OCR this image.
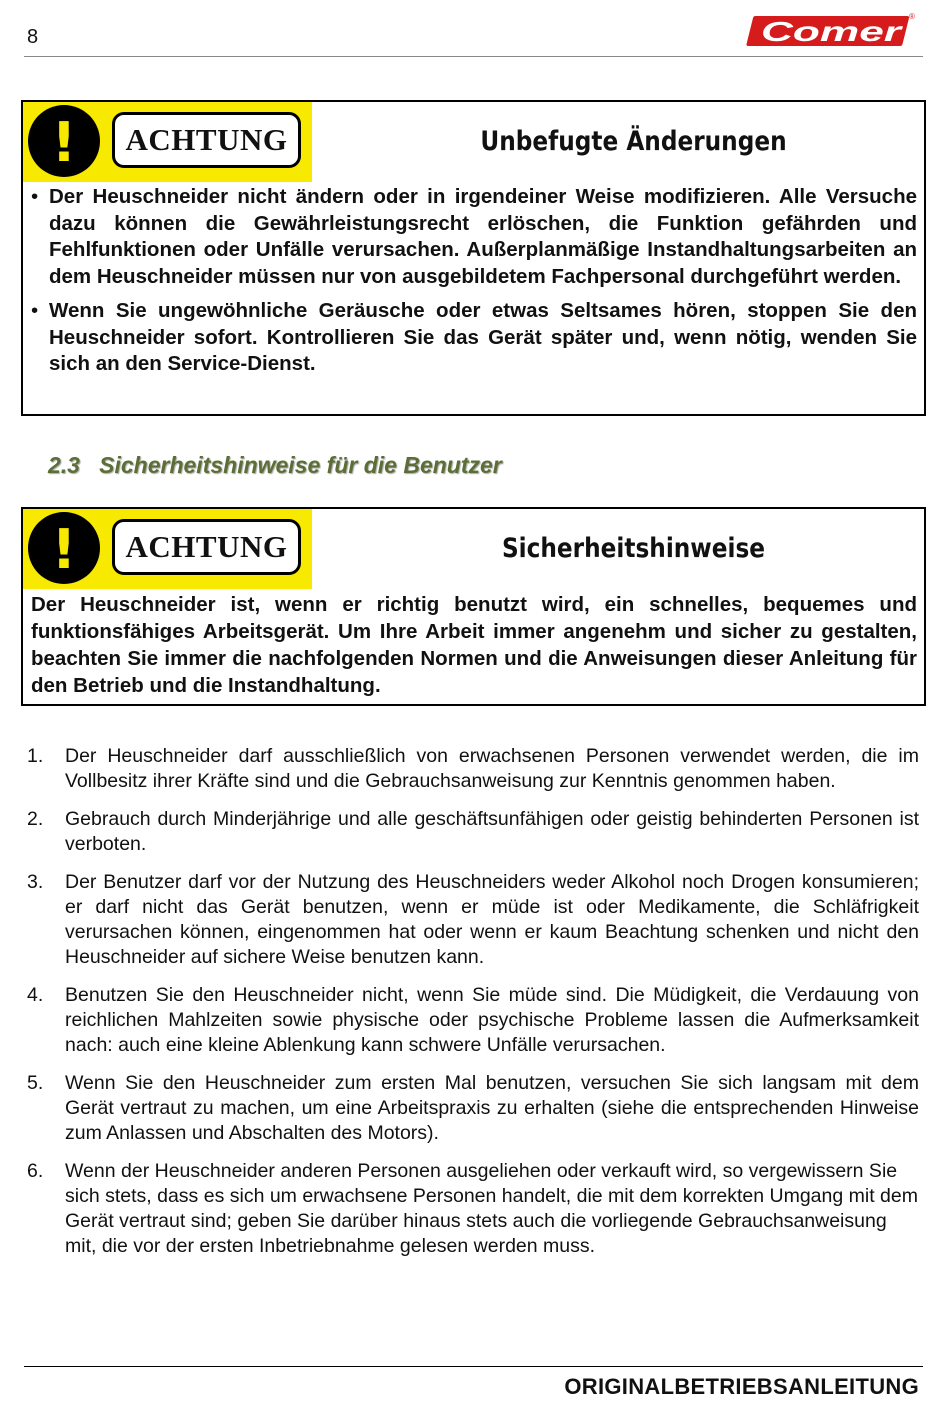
8	Comer ®
!	ACHTUNG	Unbefugte Änderungen
• Der Heuschneider nicht ändern oder in irgendeiner Weise modifizieren. Alle Versuche dazu können die Gewährleistungsrecht erlöschen, die Funktion gefährden und Fehlfunktionen oder Unfälle verursachen. Außerplanmäßige Instandhaltungsarbeiten an dem Heuschneider müssen nur von ausgebildetem Fachpersonal durchgeführt werden.
• Wenn Sie ungewöhnliche Geräusche oder etwas Seltsames hören, stoppen Sie den Heuschneider sofort. Kontrollieren Sie das Gerät später und, wenn nötig, wenden Sie sich an den Service-Dienst.
2.3   Sicherheitshinweise für die Benutzer
!	ACHTUNG	Sicherheitshinweise
Der Heuschneider ist, wenn er richtig benutzt wird, ein schnelles, bequemes und funktionsfähiges Arbeitsgerät. Um Ihre Arbeit immer angenehm und sicher zu gestalten, beachten Sie immer die nachfolgenden Normen und die Anweisungen dieser Anleitung für den Betrieb und die Instandhaltung.
1. Der Heuschneider darf ausschließlich von erwachsenen Personen verwendet werden, die im Vollbesitz ihrer Kräfte sind und die Gebrauchsanweisung zur Kenntnis genommen haben.
2. Gebrauch durch Minderjährige und alle geschäftsunfähigen oder geistig behinderten Personen ist verboten.
3. Der Benutzer darf vor der Nutzung des Heuschneiders weder Alkohol noch Drogen konsumieren; er darf nicht das Gerät benutzen, wenn er müde ist oder Medikamente, die Schläfrigkeit verursachen können, eingenommen hat oder wenn er kaum Beachtung schenken und nicht den Heuschneider auf sichere Weise benutzen kann.
4. Benutzen Sie den Heuschneider nicht, wenn Sie müde sind. Die Müdigkeit, die Verdauung von reichlichen Mahlzeiten sowie physische oder psychische Probleme lassen die Aufmerksamkeit nach: auch eine kleine Ablenkung kann schwere Unfälle verursachen.
5. Wenn Sie den Heuschneider zum ersten Mal benutzen, versuchen Sie sich langsam mit dem Gerät vertraut zu machen, um eine Arbeitspraxis zu erhalten (siehe die entsprechenden Hinweise zum Anlassen und Abschalten des Motors).
6. Wenn der Heuschneider anderen Personen ausgeliehen oder verkauft wird, so vergewissern Sie sich stets, dass es sich um erwachsene Personen handelt, die mit dem korrekten Umgang mit dem Gerät vertraut sind; geben Sie darüber hinaus stets auch die vorliegende Gebrauchsanweisung mit, die vor der ersten Inbetriebnahme gelesen werden muss.
ORIGINALBETRIEBSANLEITUNG
